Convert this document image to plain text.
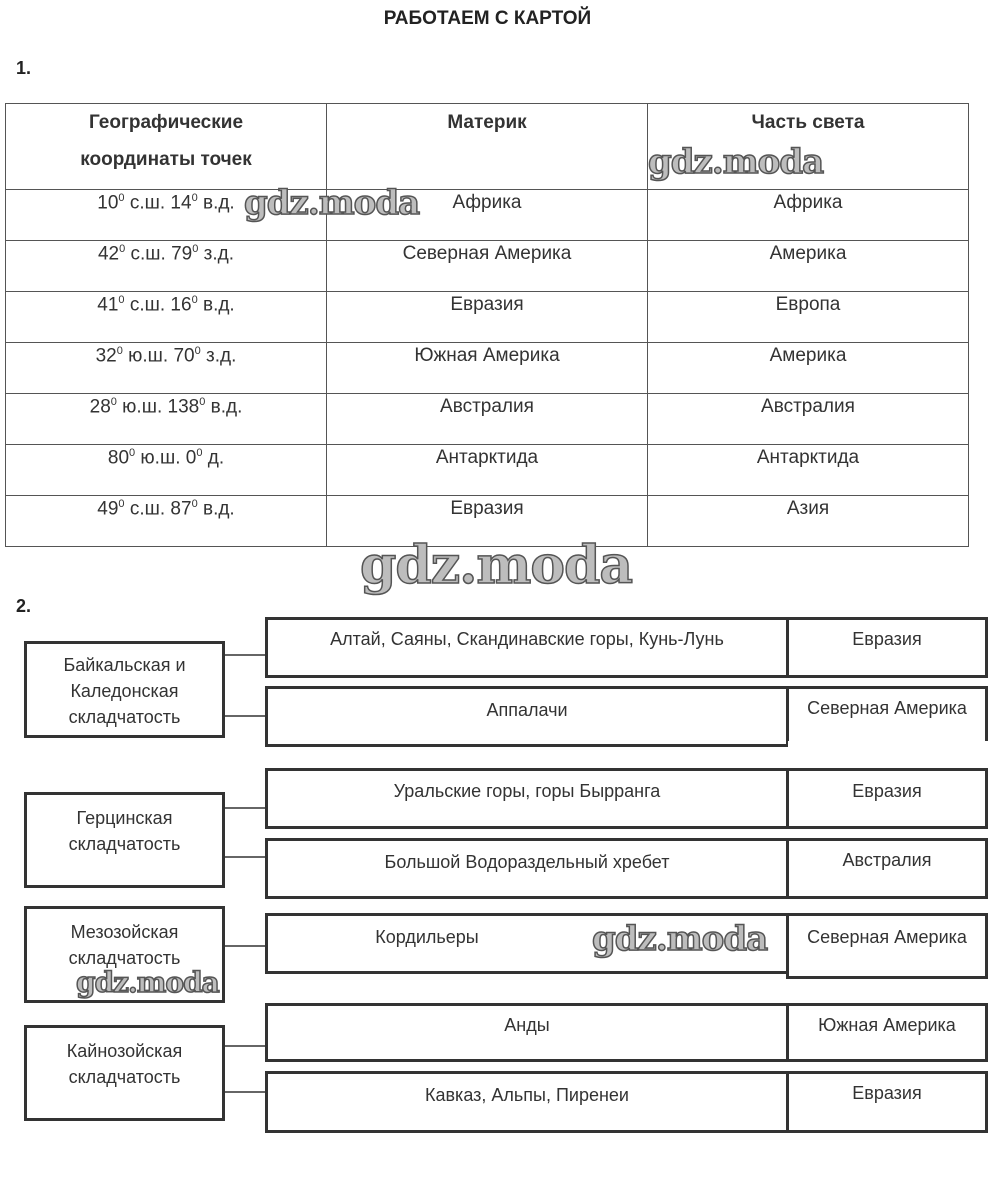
РАБОТАЕМ С КАРТОЙ
1.
Географические координаты точек	Материк	Часть света
$10^0$ с.ш. $14^0$ в.д.	Африка	Африка
$42^0$ с.ш. $79^0$ з.д.	Северная Америка	Америка
$41^0$ с.ш. $16^0$ в.д.	Евразия	Европа
$32^0$ ю.ш. $70^0$ з.д.	Южная Америка	Америка
$28^0$ ю.ш. $138^0$ в.д.	Австралия	Австралия
$80^0$ ю.ш. $0^0$ д.	Антарктида	Антарктида
$49^0$ с.ш. $87^0$ в.д.	Евразия	Азия
2.
Байкальская и Каледонская складчатость
Алтай, Саяны, Скандинавские горы, Кунь-Лунь	Евразия
Аппалачи	Северная Америка
Герцинская складчатость
Уральские горы, горы Бырранга	Евразия
Большой Водораздельный хребет	Австралия
Мезозойская складчатость
Кордильеры	Северная Америка
Кайнозойская складчатость
Анды	Южная Америка
Кавказ, Альпы, Пиренеи	Евразия
gdz.moda
gdz.moda
gdz.moda
gdz.moda
gdz.moda
